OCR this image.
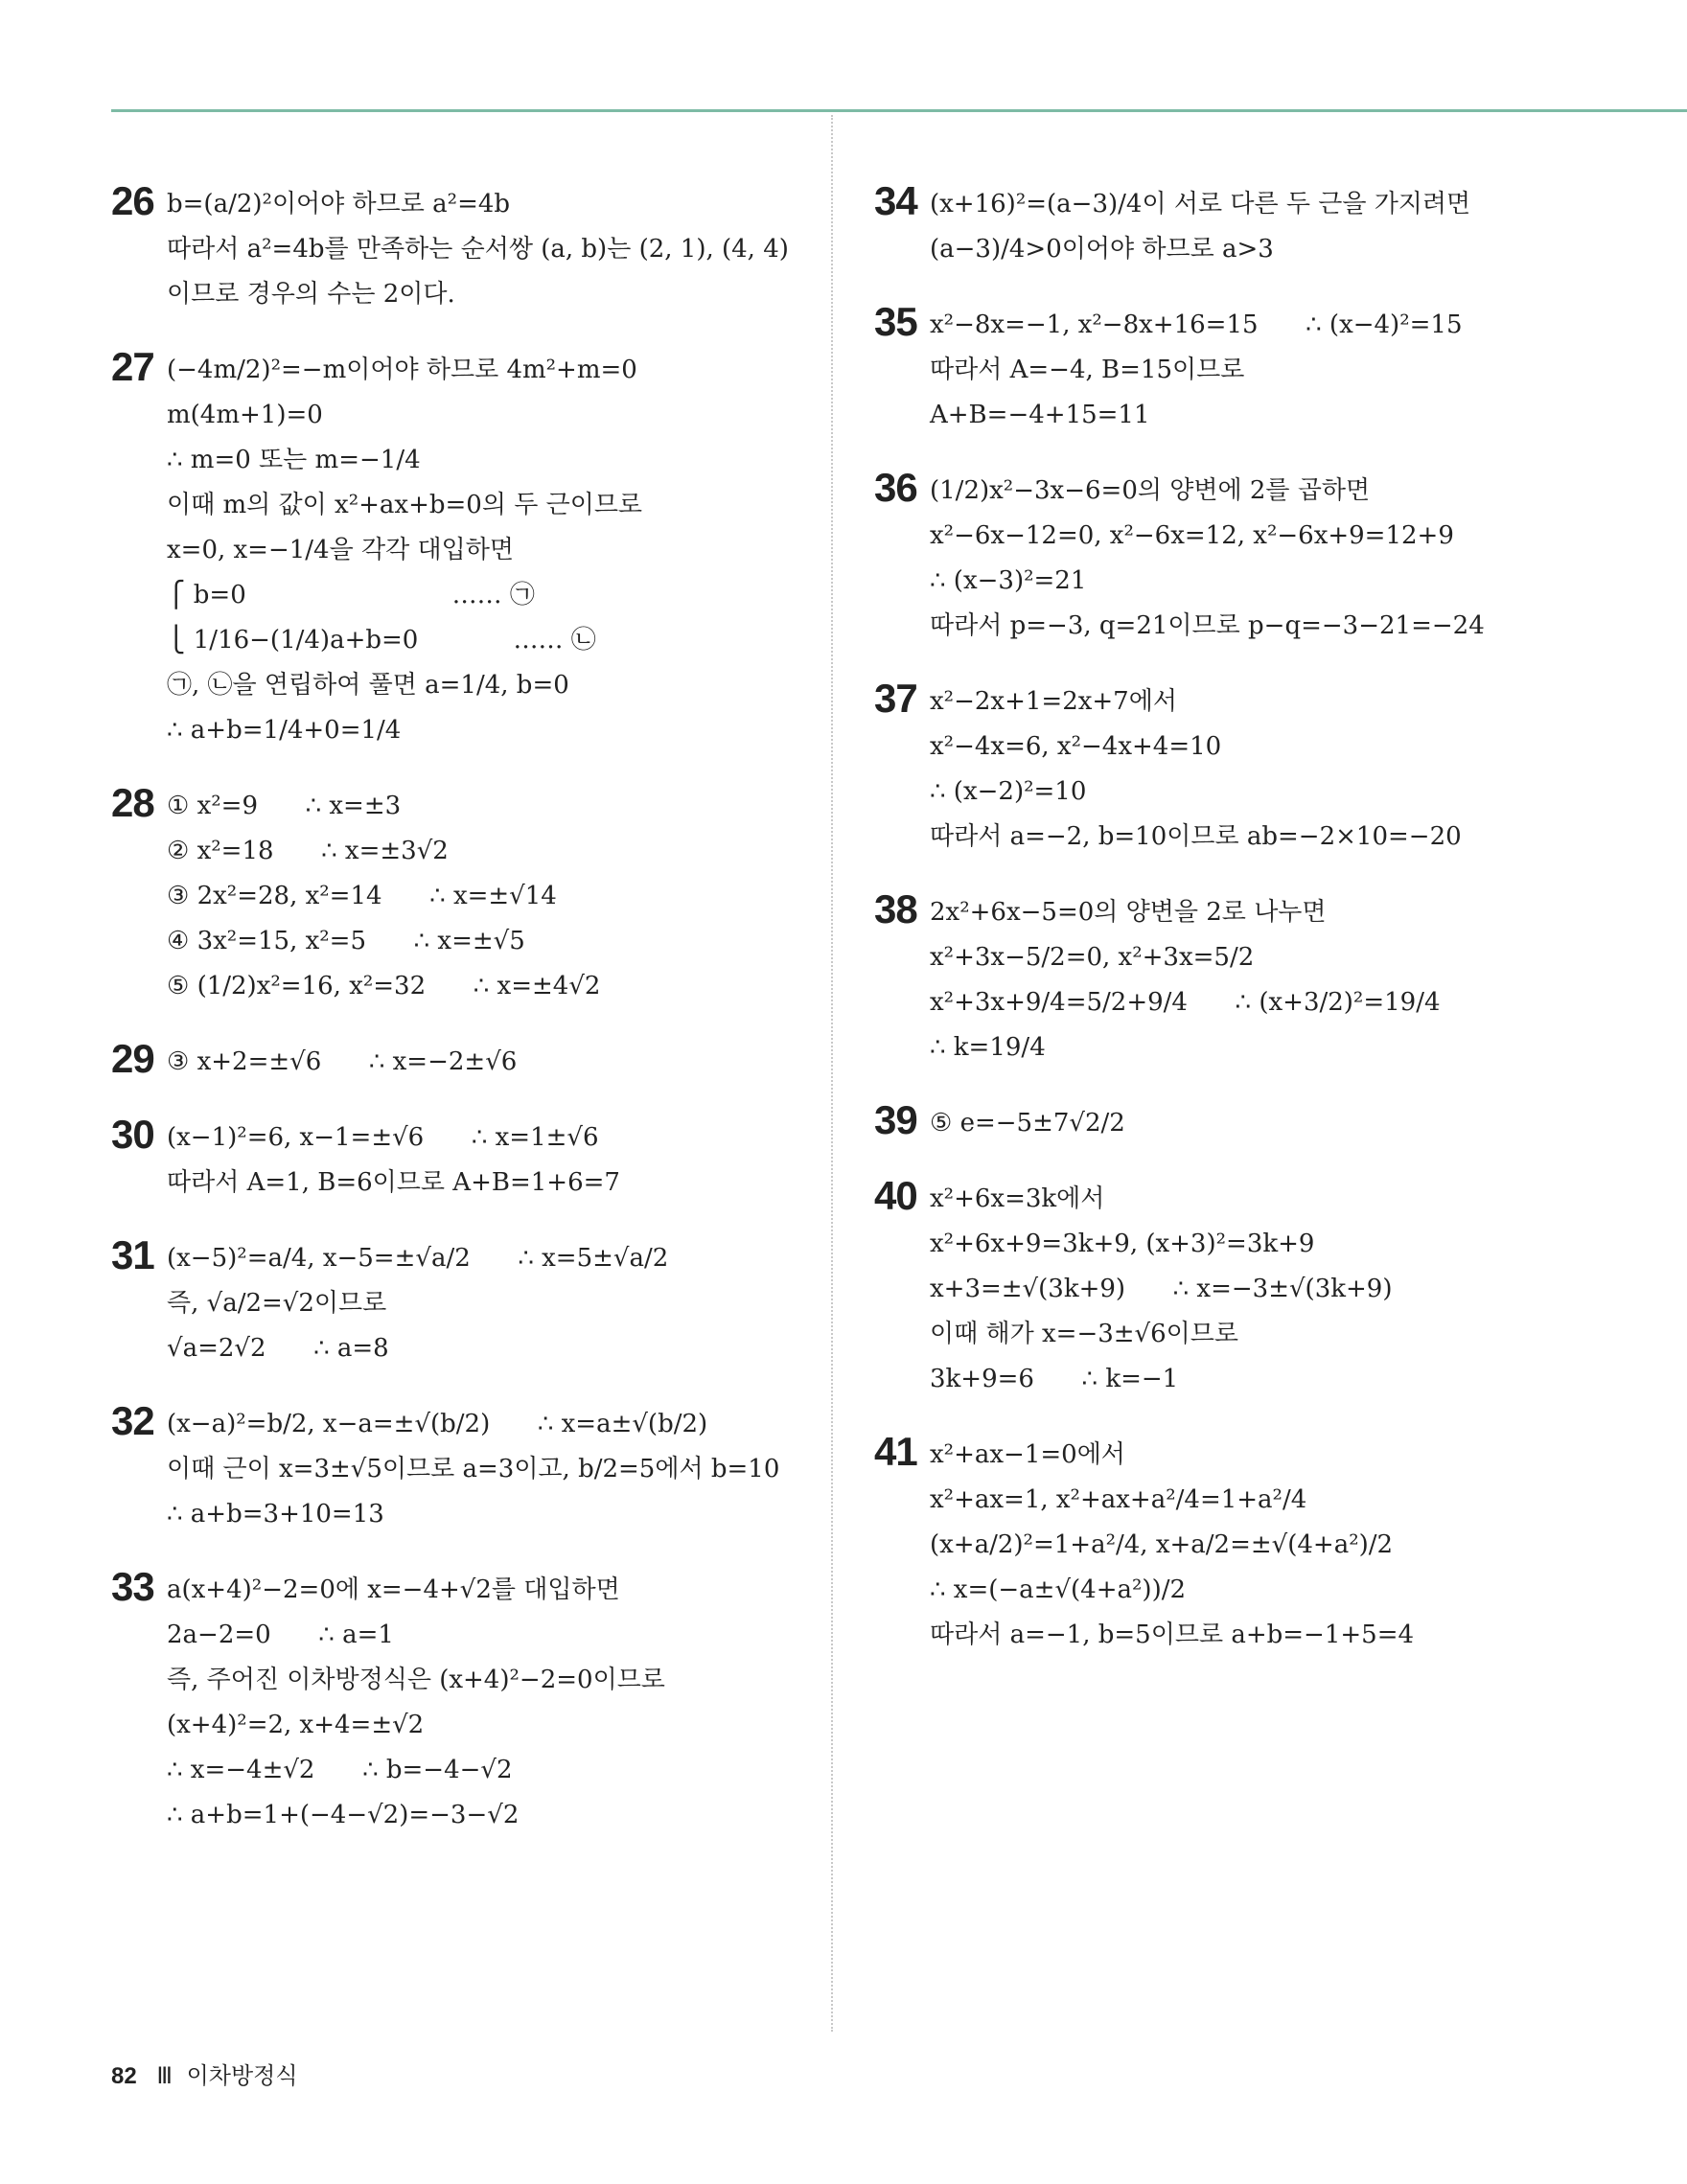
26 b=(a/2)²이어야 하므로 a²=4b
따라서 a²=4b를 만족하는 순서쌍 (a, b)는 (2, 1), (4, 4)
이므로 경우의 수는 2이다.
27 (−4m/2)²=−m이어야 하므로 4m²+m=0
m(4m+1)=0
∴ m=0 또는 m=−1/4
이때 m의 값이 x²+ax+b=0의 두 근이므로
x=0, x=−1/4을 각각 대입하면
⎧ b=0                          …… ㉠
⎩ 1/16−(1/4)a+b=0            …… ㉡
㉠, ㉡을 연립하여 풀면 a=1/4, b=0
∴ a+b=1/4+0=1/4
28 ① x²=9      ∴ x=±3
② x²=18      ∴ x=±3√2
③ 2x²=28, x²=14      ∴ x=±√14
④ 3x²=15, x²=5      ∴ x=±√5
⑤ (1/2)x²=16, x²=32      ∴ x=±4√2
29 ③ x+2=±√6      ∴ x=−2±√6
30 (x−1)²=6, x−1=±√6      ∴ x=1±√6
따라서 A=1, B=6이므로 A+B=1+6=7
31 (x−5)²=a/4, x−5=±√a/2      ∴ x=5±√a/2
즉, √a/2=√2이므로
√a=2√2      ∴ a=8
32 (x−a)²=b/2, x−a=±√(b/2)      ∴ x=a±√(b/2)
이때 근이 x=3±√5이므로 a=3이고, b/2=5에서 b=10
∴ a+b=3+10=13
33 a(x+4)²−2=0에 x=−4+√2를 대입하면
2a−2=0      ∴ a=1
즉, 주어진 이차방정식은 (x+4)²−2=0이므로
(x+4)²=2, x+4=±√2
∴ x=−4±√2      ∴ b=−4−√2
∴ a+b=1+(−4−√2)=−3−√2
34 (x+16)²=(a−3)/4이 서로 다른 두 근을 가지려면
(a−3)/4>0이어야 하므로 a>3
35 x²−8x=−1, x²−8x+16=15      ∴ (x−4)²=15
따라서 A=−4, B=15이므로
A+B=−4+15=11
36 (1/2)x²−3x−6=0의 양변에 2를 곱하면
x²−6x−12=0, x²−6x=12, x²−6x+9=12+9
∴ (x−3)²=21
따라서 p=−3, q=21이므로 p−q=−3−21=−24
37 x²−2x+1=2x+7에서
x²−4x=6, x²−4x+4=10
∴ (x−2)²=10
따라서 a=−2, b=10이므로 ab=−2×10=−20
38 2x²+6x−5=0의 양변을 2로 나누면
x²+3x−5/2=0, x²+3x=5/2
x²+3x+9/4=5/2+9/4      ∴ (x+3/2)²=19/4
∴ k=19/4
39 ⑤ e=−5±7√2/2
40 x²+6x=3k에서
x²+6x+9=3k+9, (x+3)²=3k+9
x+3=±√(3k+9)      ∴ x=−3±√(3k+9)
이때 해가 x=−3±√6이므로
3k+9=6      ∴ k=−1
41 x²+ax−1=0에서
x²+ax=1, x²+ax+a²/4=1+a²/4
(x+a/2)²=1+a²/4, x+a/2=±√(4+a²)/2
∴ x=(−a±√(4+a²))/2
따라서 a=−1, b=5이므로 a+b=−1+5=4
82 Ⅲ 이차방정식
